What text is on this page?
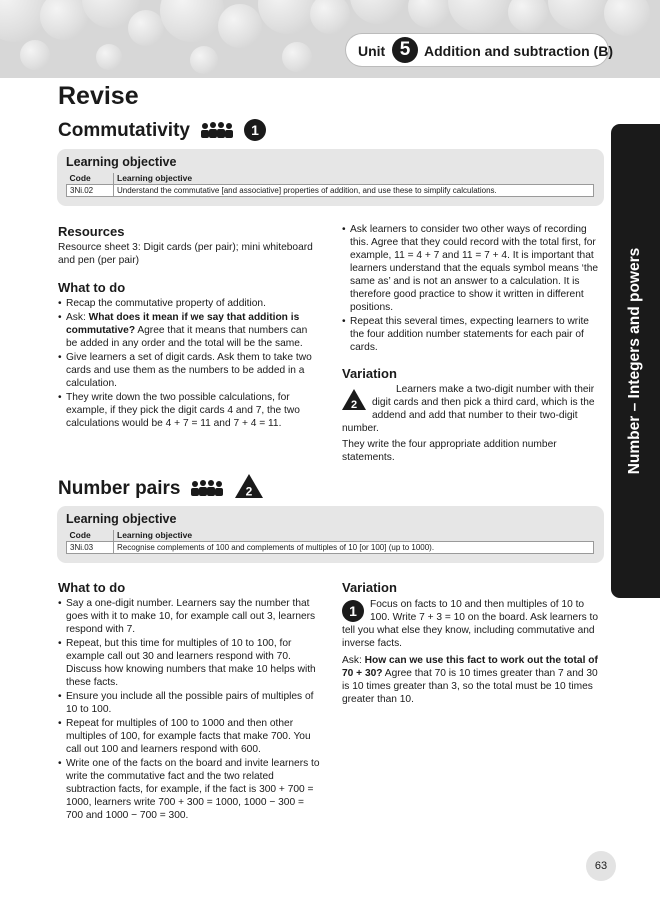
Unit 5 Addition and subtraction (B)
Revise
Commutativity	1
Learning objective
Code	Learning objective
3Ni.02	Understand the commutative [and associative] properties of addition, and use these to simplify calculations.
Resources
Resource sheet 3: Digit cards (per pair); mini whiteboard and pen (per pair)
What to do
• Recap the commutative property of addition.
• Ask: What does it mean if we say that addition is commutative? Agree that it means that numbers can be added in any order and the total will be the same.
• Give learners a set of digit cards. Ask them to take two cards and use them as the numbers to be added in a calculation.
• They write down the two possible calculations, for example, if they pick the digit cards 4 and 7, the two calculations would be 4 + 7 = 11 and 7 + 4 = 11.
• Ask learners to consider two other ways of recording this. Agree that they could record with the total first, for example, 11 = 4 + 7 and 11 = 7 + 4. It is important that learners understand that the equals symbol means ‘the same as’ and is not an answer to a calculation. It is therefore good practice to show it written in different positions.
• Repeat this several times, expecting learners to write the four addition number statements for each pair of cards.
Variation
2
Learners make a two-digit number with their digit cards and then pick a third card, which is the addend and add that number to their two-digit number.
They write the four appropriate addition number statements.
Number pairs	2
Learning objective
Code	Learning objective
3Ni.03	Recognise complements of 100 and complements of multiples of 10 [or 100] (up to 1000).
What to do
• Say a one-digit number. Learners say the number that goes with it to make 10, for example call out 3, learners respond with 7.
• Repeat, but this time for multiples of 10 to 100, for example call out 30 and learners respond with 70. Discuss how knowing numbers that make 10 helps with these facts.
• Ensure you include all the possible pairs of multiples of 10 to 100.
• Repeat for multiples of 100 to 1000 and then other multiples of 100, for example facts that make 700. You call out 100 and learners respond with 600.
• Write one of the facts on the board and invite learners to write the commutative fact and the two related subtraction facts, for example, if the fact is 300 + 700 = 1000, learners write 700 + 300 = 1000, 1000 − 300 = 700 and 1000 − 700 = 300.
Variation
1	Focus on facts to 10 and then multiples of 10 to 100. Write 7 + 3 = 10 on the board. Ask learners to tell you what else they know, including commutative and inverse facts.
Ask: How can we use this fact to work out the total of 70 + 30? Agree that 70 is 10 times greater than 7 and 30 is 10 times greater than 3, so the total must be 10 times greater than 10.
Number – Integers and powers
63
